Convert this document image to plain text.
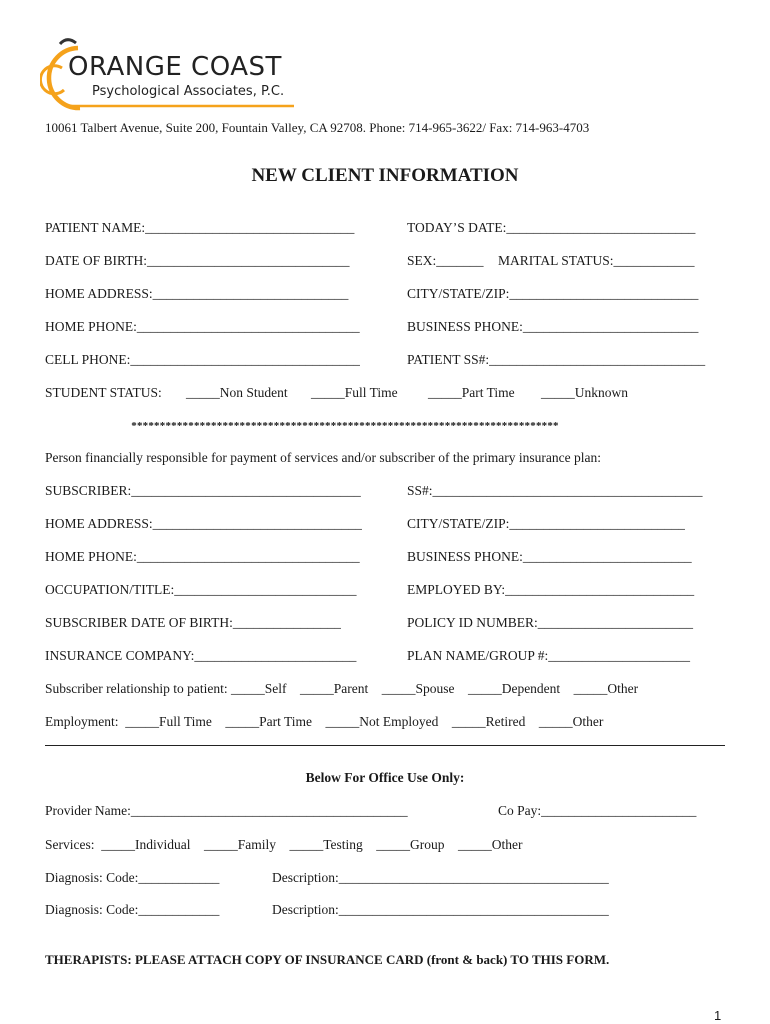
ORANGE COAST
Psychological Associates, P.C.
10061 Talbert Avenue, Suite 200, Fountain Valley, CA 92708. Phone: 714-965-3622/ Fax: 714-963-4703
NEW CLIENT INFORMATION
PATIENT NAME:_______________________________	TODAY’S DATE:____________________________
DATE OF BIRTH:______________________________	SEX:_______ MARITAL STATUS:____________
HOME ADDRESS:_____________________________	CITY/STATE/ZIP:____________________________
HOME PHONE:_________________________________	BUSINESS PHONE:__________________________
CELL PHONE:__________________________________	PATIENT SS#:________________________________
STUDENT STATUS: _____Non Student _____Full Time _____Part Time _____Unknown
***************************************************************************
Person financially responsible for payment of services and/or subscriber of the primary insurance plan:
SUBSCRIBER:__________________________________	SS#:________________________________________
HOME ADDRESS:_______________________________	CITY/STATE/ZIP:__________________________
HOME PHONE:_________________________________	BUSINESS PHONE:_________________________
OCCUPATION/TITLE:___________________________	EMPLOYED BY:____________________________
SUBSCRIBER DATE OF BIRTH:________________	POLICY ID NUMBER:_______________________
INSURANCE COMPANY:________________________	PLAN NAME/GROUP #:_____________________
Subscriber relationship to patient: _____Self    _____Parent    _____Spouse    _____Dependent    _____Other
Employment:  _____Full Time    _____Part Time    _____Not Employed    _____Retired    _____Other
Below For Office Use Only:
Provider Name:_________________________________________	Co Pay:_______________________
Services:  _____Individual    _____Family    _____Testing    _____Group    _____Other
Diagnosis: Code:____________	Description:________________________________________
Diagnosis: Code:____________	Description:________________________________________
THERAPISTS: PLEASE ATTACH COPY OF INSURANCE CARD (front & back) TO THIS FORM.
1
